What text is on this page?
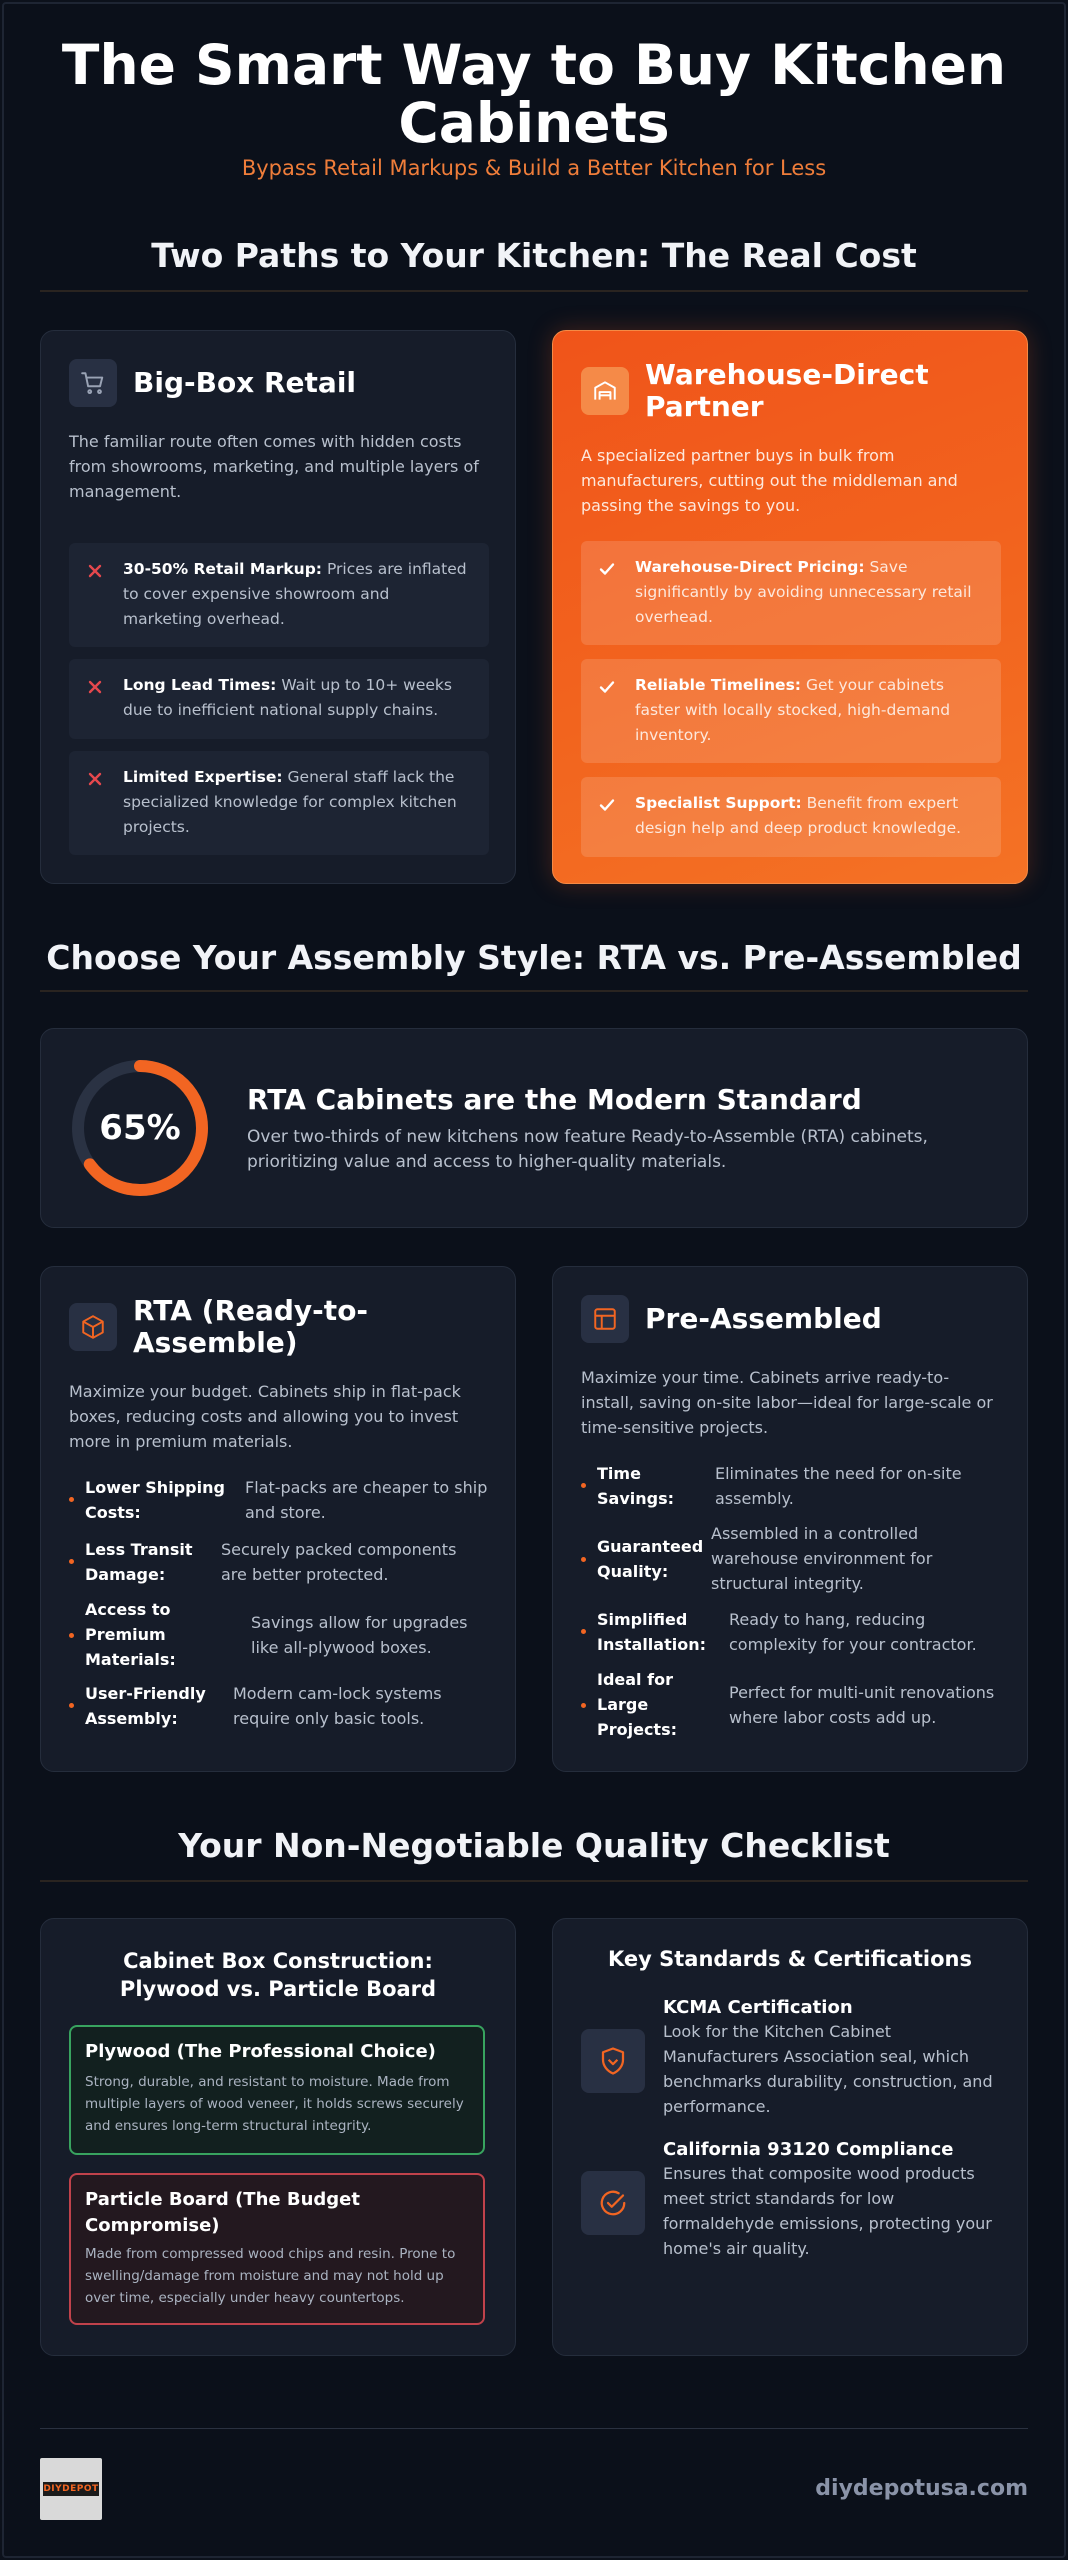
The Smart Way to Buy Kitchen Cabinets
Bypass Retail Markups & Build a Better Kitchen for Less
Two Paths to Your Kitchen: The Real Cost
Big-Box Retail
The familiar route often comes with hidden costs from showrooms, marketing, and multiple layers of management.
30-50% Retail Markup: Prices are inflated to cover expensive showroom and marketing overhead.
Long Lead Times: Wait up to 10+ weeks due to inefficient national supply chains.
Limited Expertise: General staff lack the specialized knowledge for complex kitchen projects.
Warehouse-Direct Partner
A specialized partner buys in bulk from manufacturers, cutting out the middleman and passing the savings to you.
Warehouse-Direct Pricing: Save significantly by avoiding unnecessary retail overhead.
Reliable Timelines: Get your cabinets faster with locally stocked, high-demand inventory.
Specialist Support: Benefit from expert design help and deep product knowledge.
Choose Your Assembly Style: RTA vs. Pre-Assembled
65%
RTA Cabinets are the Modern Standard
Over two-thirds of new kitchens now feature Ready-to-Assemble (RTA) cabinets, prioritizing value and access to higher-quality materials.
RTA (Ready-to-Assemble)
Maximize your budget. Cabinets ship in flat-pack boxes, reducing costs and allowing you to invest more in premium materials.
Lower Shipping Costs:
Flat-packs are cheaper to ship and store.
Less Transit Damage:
Securely packed components are better protected.
Access to Premium Materials:
Savings allow for upgrades like all-plywood boxes.
User-Friendly Assembly:
Modern cam-lock systems require only basic tools.
Pre-Assembled
Maximize your time. Cabinets arrive ready-to-install, saving on-site labor—ideal for large-scale or time-sensitive projects.
Time Savings:
Eliminates the need for on-site assembly.
Guaranteed Quality:
Assembled in a controlled warehouse environment for structural integrity.
Simplified Installation:
Ready to hang, reducing complexity for your contractor.
Ideal for Large Projects:
Perfect for multi-unit renovations where labor costs add up.
Your Non-Negotiable Quality Checklist
Cabinet Box Construction: Plywood vs. Particle Board
Plywood (The Professional Choice)
Strong, durable, and resistant to moisture. Made from multiple layers of wood veneer, it holds screws securely and ensures long-term structural integrity.
Particle Board (The Budget Compromise)
Made from compressed wood chips and resin. Prone to swelling/damage from moisture and may not hold up over time, especially under heavy countertops.
Key Standards & Certifications
KCMA Certification
Look for the Kitchen Cabinet Manufacturers Association seal, which benchmarks durability, construction, and performance.
California 93120 Compliance
Ensures that composite wood products meet strict standards for low formaldehyde emissions, protecting your home's air quality.
DIYDEPOT	diydepotusa.com
